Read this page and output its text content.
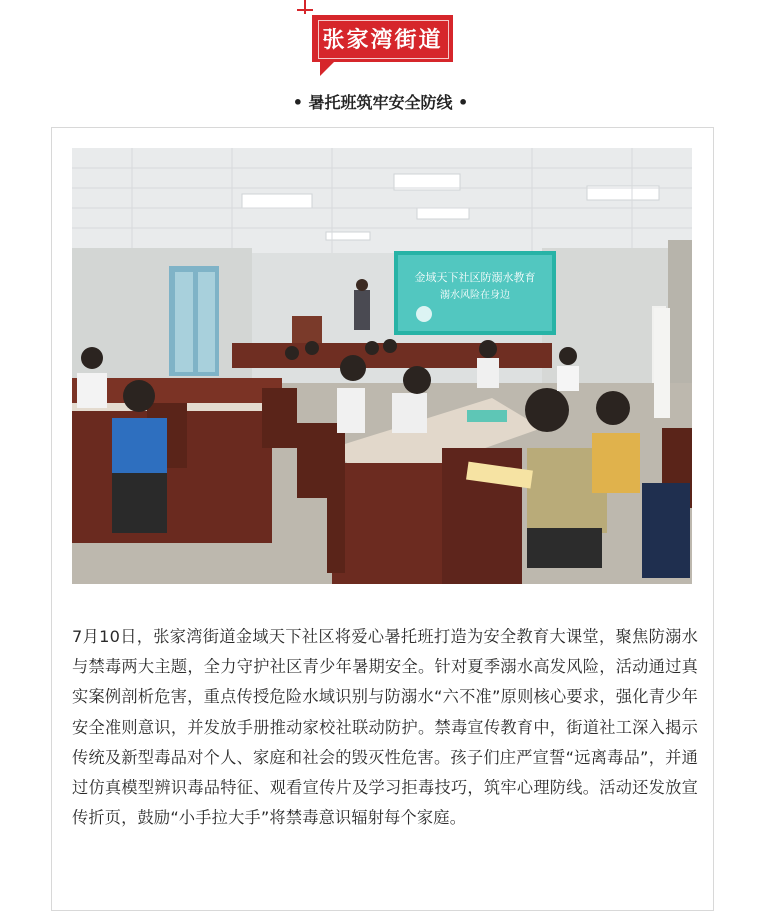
张家湾街道
• 暑托班筑牢安全防线 •
金域天下社区防溺水教育
溺水风险在身边
7月10日，张家湾街道金域天下社区将爱心暑托班打造为安全教育大课堂，聚焦防溺水与禁毒两大主题，全力守护社区青少年暑期安全。针对夏季溺水高发风险，活动通过真实案例剖析危害，重点传授危险水域识别与防溺水“六不准”原则核心要求，强化青少年安全准则意识，并发放手册推动家校社联动防护。禁毒宣传教育中，街道社工深入揭示传统及新型毒品对个人、家庭和社会的毁灭性危害。孩子们庄严宣誓“远离毒品”，并通过仿真模型辨识毒品特征、观看宣传片及学习拒毒技巧，筑牢心理防线。活动还发放宣传折页，鼓励“小手拉大手”将禁毒意识辐射每个家庭。
